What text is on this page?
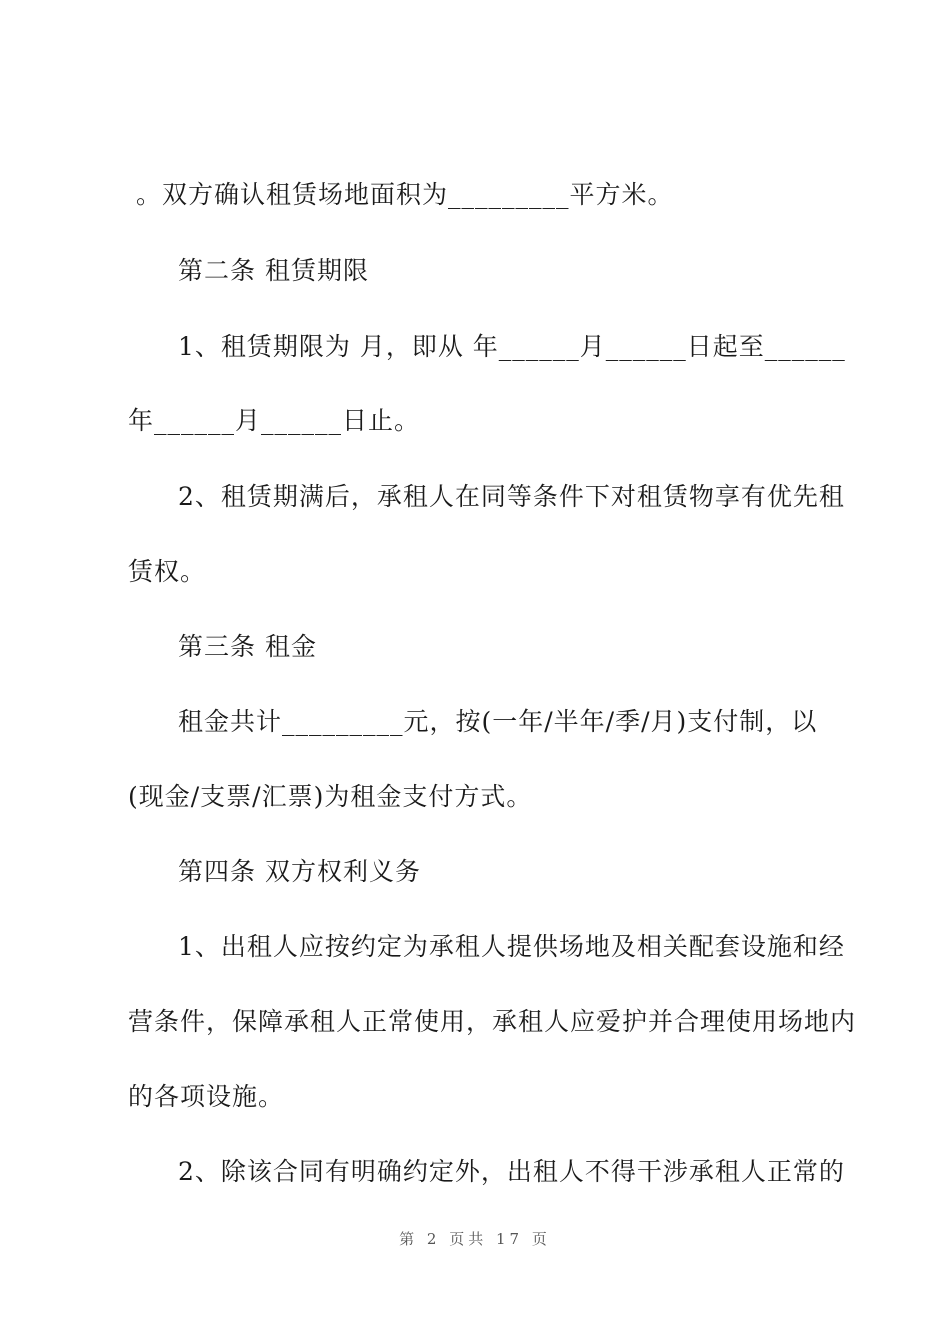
。双方确认租赁场地面积为_________平方米。
第二条 租赁期限
1、租赁期限为 月，即从 年______月______日起至______
年______月______日止。
2、租赁期满后，承租人在同等条件下对租赁物享有优先租
赁权。
第三条 租金
租金共计_________元，按(一年/半年/季/月)支付制，以
(现金/支票/汇票)为租金支付方式。
第四条 双方权利义务
1、出租人应按约定为承租人提供场地及相关配套设施和经
营条件，保障承租人正常使用，承租人应爱护并合理使用场地内
的各项设施。
2、除该合同有明确约定外，出租人不得干涉承租人正常的
第 2 页共 17 页
